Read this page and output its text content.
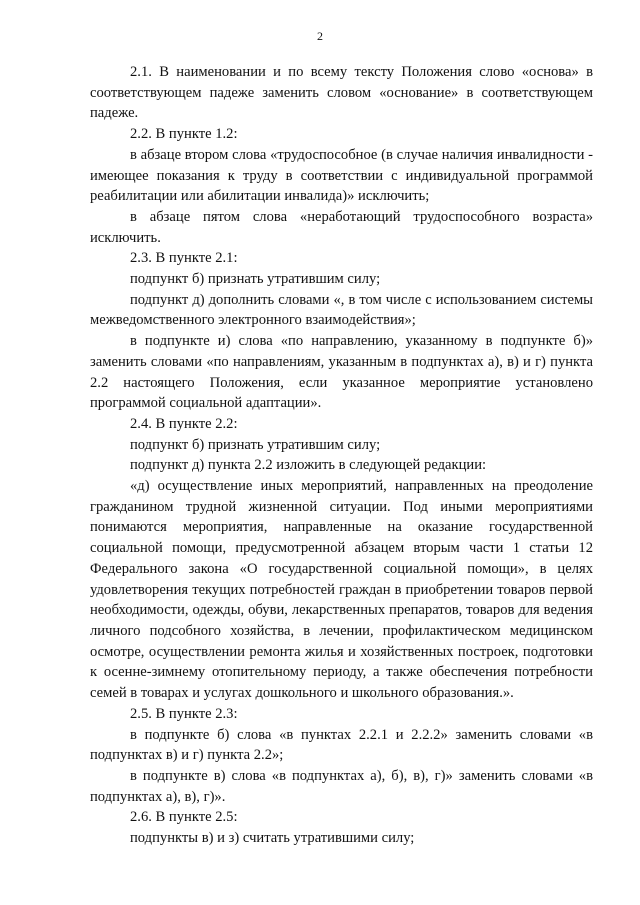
2

2.1. В наименовании и по всему тексту Положения слово «основа» в соответствующем падеже заменить словом «основание» в соответствующем падеже.

2.2. В пункте 1.2:

в абзаце втором слова «трудоспособное (в случае наличия инвалидности - имеющее показания к труду в соответствии с индивидуальной программой реабилитации или абилитации инвалида)» исключить;

в абзаце пятом слова «неработающий трудоспособного возраста» исключить.

2.3. В пункте 2.1:

подпункт б) признать утратившим силу;

подпункт д) дополнить словами «, в том числе с использованием системы межведомственного электронного взаимодействия»;

в подпункте и) слова «по направлению, указанному в подпункте б)» заменить словами «по направлениям, указанным в подпунктах а), в) и г) пункта 2.2 настоящего Положения, если указанное мероприятие установлено программой социальной адаптации».

2.4. В пункте 2.2:

подпункт б) признать утратившим силу;

подпункт д) пункта 2.2 изложить в следующей редакции:

«д) осуществление иных мероприятий, направленных на преодоление гражданином трудной жизненной ситуации. Под иными мероприятиями понимаются мероприятия, направленные на оказание государственной социальной помощи, предусмотренной абзацем вторым части 1 статьи 12 Федерального закона «О государственной социальной помощи», в целях удовлетворения текущих потребностей граждан в приобретении товаров первой необходимости, одежды, обуви, лекарственных препаратов, товаров для ведения личного подсобного хозяйства, в лечении, профилактическом медицинском осмотре, осуществлении ремонта жилья и хозяйственных построек, подготовки к осенне-зимнему отопительному периоду, а также обеспечения потребности семей в товарах и услугах дошкольного и школьного образования.».

2.5. В пункте 2.3:

в подпункте б) слова «в пунктах 2.2.1 и 2.2.2» заменить словами «в подпунктах в) и г) пункта 2.2»;

в подпункте в) слова «в подпунктах а), б), в), г)» заменить словами «в подпунктах а), в), г)».

2.6. В пункте 2.5:

подпункты в) и з) считать утратившими силу;
